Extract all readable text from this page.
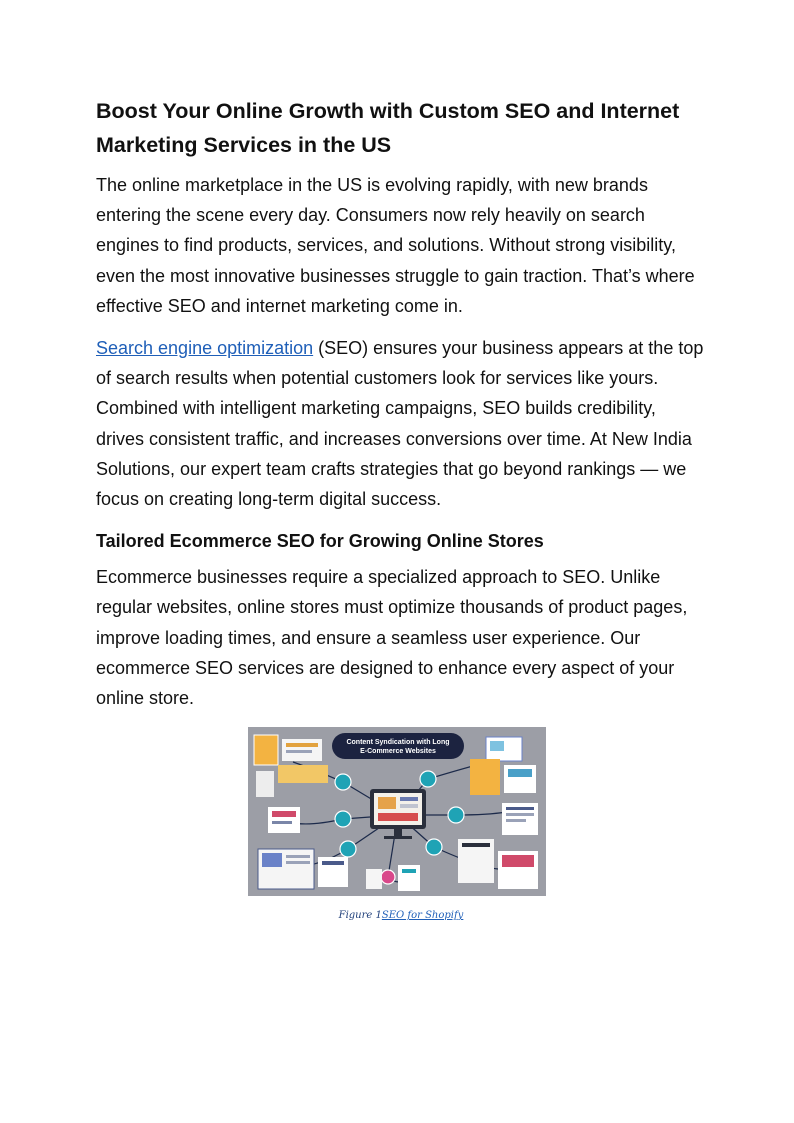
Boost Your Online Growth with Custom SEO and Internet Marketing Services in the US

The online marketplace in the US is evolving rapidly, with new brands entering the scene every day. Consumers now rely heavily on search engines to find products, services, and solutions. Without strong visibility, even the most innovative businesses struggle to gain traction. That’s where effective SEO and internet marketing come in.

Search engine optimization (SEO) ensures your business appears at the top of search results when potential customers look for services like yours. Combined with intelligent marketing campaigns, SEO builds credibility, drives consistent traffic, and increases conversions over time. At New India Solutions, our expert team crafts strategies that go beyond rankings — we focus on creating long-term digital success.

Tailored Ecommerce SEO for Growing Online Stores

Ecommerce businesses require a specialized approach to SEO. Unlike regular websites, online stores must optimize thousands of product pages, improve loading times, and ensure a seamless user experience. Our ecommerce SEO services are designed to enhance every aspect of your online store.

Content Syndication with Long
E-Commerce Websites
Figure 1SEO for Shopify
